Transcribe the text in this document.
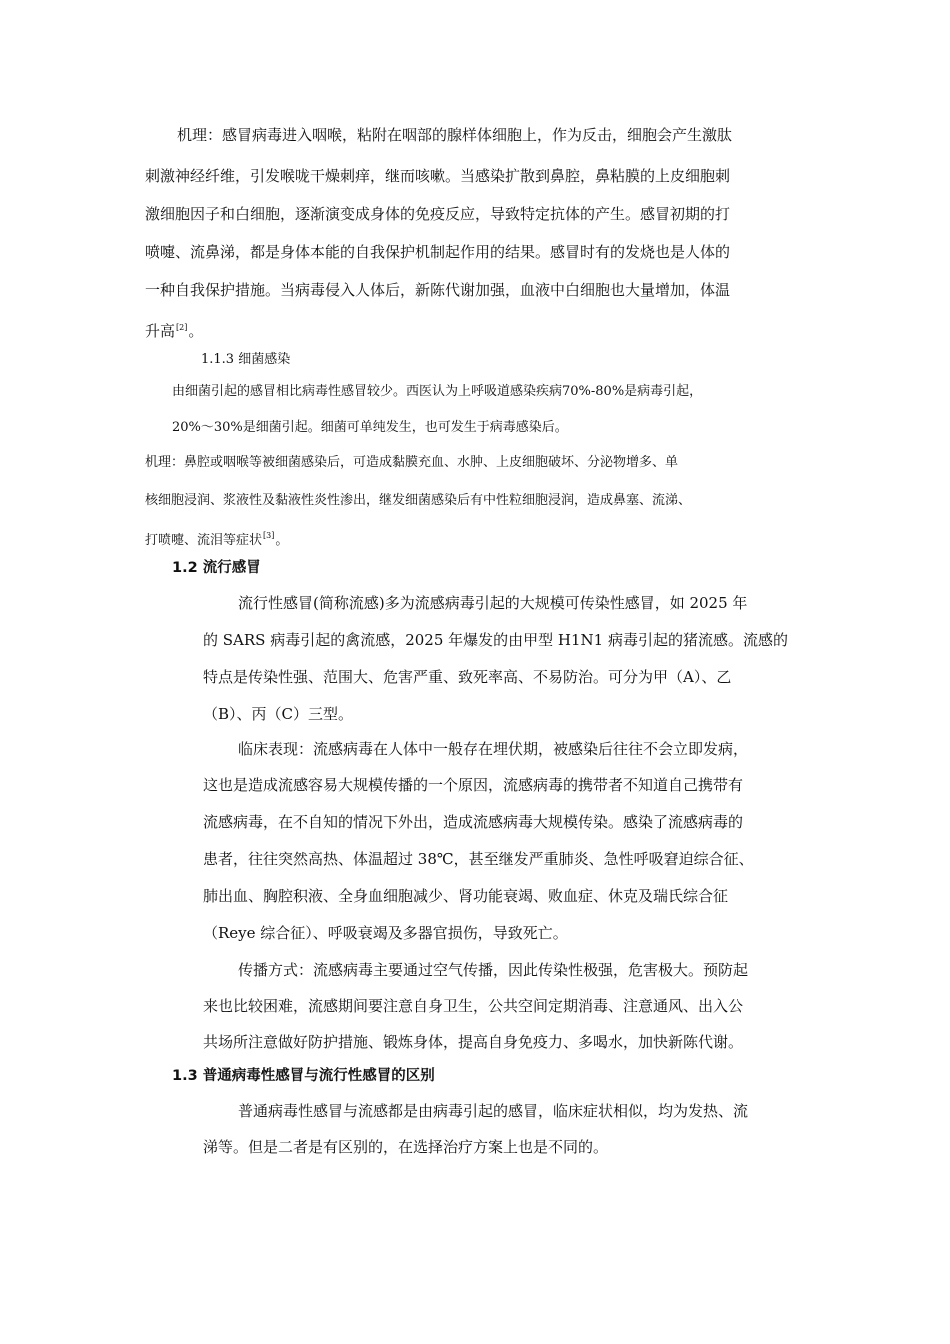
机理：感冒病毒进入咽喉，粘附在咽部的腺样体细胞上，作为反击，细胞会产生激肽

刺激神经纤维，引发喉咙干燥刺痒，继而咳嗽。当感染扩散到鼻腔，鼻粘膜的上皮细胞刺

激细胞因子和白细胞，逐渐演变成身体的免疫反应，导致特定抗体的产生。感冒初期的打

喷嚏、流鼻涕，都是身体本能的自我保护机制起作用的结果。感冒时有的发烧也是人体的

一种自我保护措施。当病毒侵入人体后，新陈代谢加强，血液中白细胞也大量增加，体温

升高[2]。

1.1.3 细菌感染

由细菌引起的感冒相比病毒性感冒较少。西医认为上呼吸道感染疾病70%-80%是病毒引起，

20%～30%是细菌引起。细菌可单纯发生，也可发生于病毒感染后。

机理：鼻腔或咽喉等被细菌感染后，可造成黏膜充血、水肿、上皮细胞破坏、分泌物增多、单

核细胞浸润、浆液性及黏液性炎性渗出，继发细菌感染后有中性粒细胞浸润，造成鼻塞、流涕、

打喷嚏、流泪等症状[3]。

1.2 流行感冒

流行性感冒(简称流感)多为流感病毒引起的大规模可传染性感冒，如 2025 年

的 SARS 病毒引起的禽流感，2025 年爆发的由甲型 H1N1 病毒引起的猪流感。流感的

特点是传染性强、范围大、危害严重、致死率高、不易防治。可分为甲（A）、乙

（B）、丙（C）三型。

临床表现：流感病毒在人体中一般存在埋伏期，被感染后往往不会立即发病，

这也是造成流感容易大规模传播的一个原因，流感病毒的携带者不知道自己携带有

流感病毒，在不自知的情况下外出，造成流感病毒大规模传染。感染了流感病毒的

患者，往往突然高热、体温超过 38℃，甚至继发严重肺炎、急性呼吸窘迫综合征、

肺出血、胸腔积液、全身血细胞减少、肾功能衰竭、败血症、休克及瑞氏综合征

（Reye 综合征）、呼吸衰竭及多器官损伤，导致死亡。

传播方式：流感病毒主要通过空气传播，因此传染性极强，危害极大。预防起

来也比较困难，流感期间要注意自身卫生，公共空间定期消毒、注意通风、出入公

共场所注意做好防护措施、锻炼身体，提高自身免疫力、多喝水，加快新陈代谢。

1.3 普通病毒性感冒与流行性感冒的区别

普通病毒性感冒与流感都是由病毒引起的感冒，临床症状相似，均为发热、流

涕等。但是二者是有区别的，在选择治疗方案上也是不同的。
